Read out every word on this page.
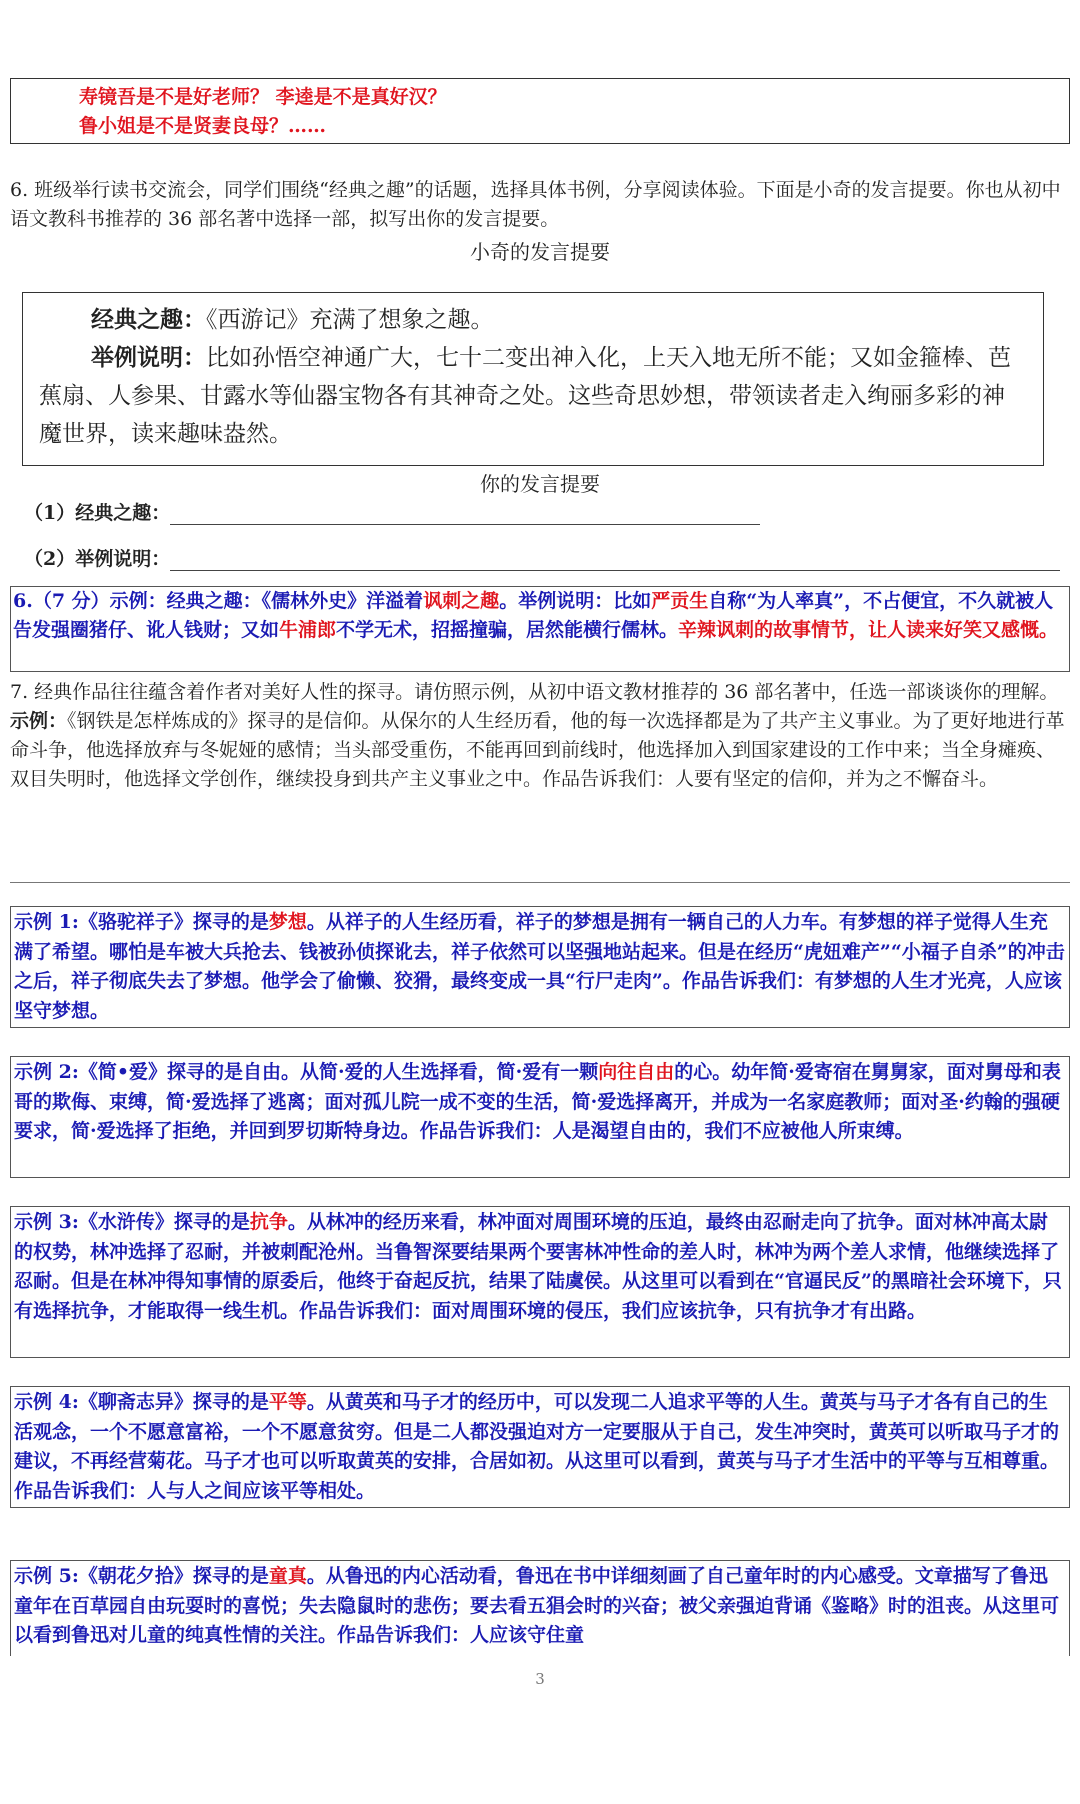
寿镜吾是不是好老师？ 李逵是不是真好汉？

鲁小姐是不是贤妻良母？……

6. 班级举行读书交流会，同学们围绕“经典之趣”的话题，选择具体书例，分享阅读体验。下面是小奇的发言提要。你也从初中语文教科书推荐的 36 部名著中选择一部，拟写出你的发言提要。

小奇的发言提要

经典之趣：《西游记》充满了想象之趣。

举例说明：比如孙悟空神通广大，七十二变出神入化，上天入地无所不能；又如金箍棒、芭蕉扇、人参果、甘露水等仙器宝物各有其神奇之处。这些奇思妙想，带领读者走入绚丽多彩的神魔世界，读来趣味盎然。

你的发言提要

（1）经典之趣：
（2）举例说明：
6.（7 分）示例：经典之趣：《儒林外史》洋溢着讽刺之趣。举例说明：比如严贡生自称“为人率真”，不占便宜，不久就被人告发强圈猪仔、讹人钱财；又如牛浦郎不学无术，招摇撞骗，居然能横行儒林。辛辣讽刺的故事情节，让人读来好笑又感慨。

7. 经典作品往往蕴含着作者对美好人性的探寻。请仿照示例，从初中语文教材推荐的 36 部名著中，任选一部谈谈你的理解。

示例：《钢铁是怎样炼成的》探寻的是信仰。从保尔的人生经历看，他的每一次选择都是为了共产主义事业。为了更好地进行革命斗争，他选择放弃与冬妮娅的感情；当头部受重伤，不能再回到前线时，他选择加入到国家建设的工作中来；当全身瘫痪、双目失明时，他选择文学创作，继续投身到共产主义事业之中。作品告诉我们：人要有坚定的信仰，并为之不懈奋斗。

示例 1:《骆驼祥子》探寻的是梦想。从祥子的人生经历看，祥子的梦想是拥有一辆自己的人力车。有梦想的祥子觉得人生充满了希望。哪怕是车被大兵抢去、钱被孙侦探讹去，祥子依然可以坚强地站起来。但是在经历“虎妞难产”“小福子自杀”的冲击之后，祥子彻底失去了梦想。他学会了偷懒、狡猾，最终变成一具“行尸走肉”。作品告诉我们：有梦想的人生才光亮，人应该坚守梦想。
示例 2:《简•爱》探寻的是自由。从简·爱的人生选择看，简·爱有一颗向往自由的心。幼年简·爱寄宿在舅舅家，面对舅母和表哥的欺侮、束缚，简·爱选择了逃离；面对孤儿院一成不变的生活，简·爱选择离开，并成为一名家庭教师；面对圣·约翰的强硬要求，简·爱选择了拒绝，并回到罗切斯特身边。作品告诉我们：人是渴望自由的，我们不应被他人所束缚。
示例 3:《水浒传》探寻的是抗争。从林冲的经历来看，林冲面对周围环境的压迫，最终由忍耐走向了抗争。面对林冲高太尉的权势，林冲选择了忍耐，并被刺配沧州。当鲁智深要结果两个要害林冲性命的差人时，林冲为两个差人求情，他继续选择了忍耐。但是在林冲得知事情的原委后，他终于奋起反抗，结果了陆虞侯。从这里可以看到在“官逼民反”的黑暗社会环境下，只有选择抗争，才能取得一线生机。作品告诉我们：面对周围环境的侵压，我们应该抗争，只有抗争才有出路。
示例 4:《聊斋志异》探寻的是平等。从黄英和马子才的经历中，可以发现二人追求平等的人生。黄英与马子才各有自己的生活观念，一个不愿意富裕，一个不愿意贫穷。但是二人都没强迫对方一定要服从于自己，发生冲突时，黄英可以听取马子才的建议，不再经营菊花。马子才也可以听取黄英的安排，合居如初。从这里可以看到，黄英与马子才生活中的平等与互相尊重。作品告诉我们：人与人之间应该平等相处。
示例 5:《朝花夕拾》探寻的是童真。从鲁迅的内心活动看，鲁迅在书中详细刻画了自己童年时的内心感受。文章描写了鲁迅童年在百草园自由玩耍时的喜悦；失去隐鼠时的悲伤；要去看五猖会时的兴奋；被父亲强迫背诵《鉴略》时的沮丧。从这里可以看到鲁迅对儿童的纯真性情的关注。作品告诉我们：人应该守住童

3
